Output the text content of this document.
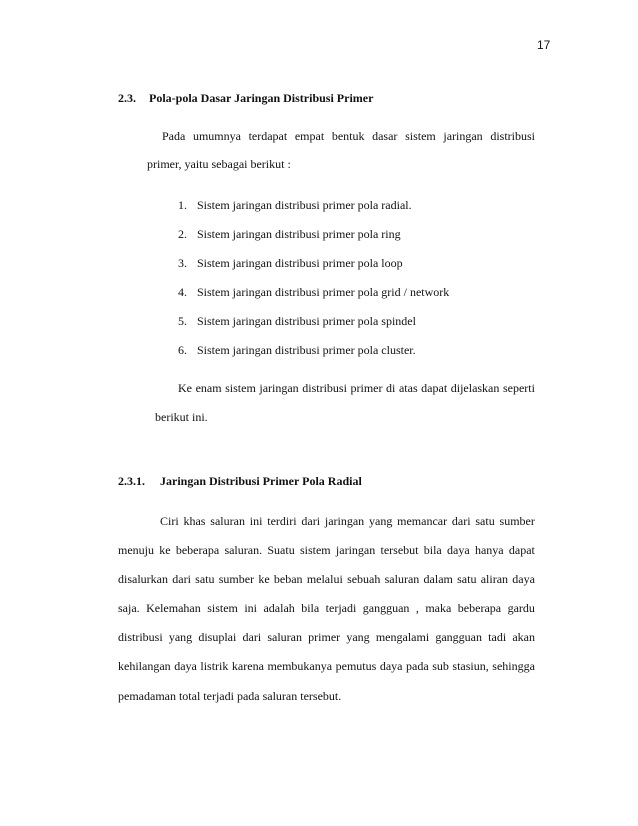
17
2.3. Pola-pola Dasar Jaringan Distribusi Primer
Pada umumnya terdapat empat bentuk dasar sistem jaringan distribusi
primer, yaitu sebagai berikut :
1. Sistem jaringan distribusi primer pola radial.
2. Sistem jaringan distribusi primer pola ring
3. Sistem jaringan distribusi primer pola loop
4. Sistem jaringan distribusi primer pola grid / network
5. Sistem jaringan distribusi primer pola spindel
6. Sistem jaringan distribusi primer pola cluster.
Ke enam sistem jaringan distribusi primer di atas dapat dijelaskan seperti
berikut ini.
2.3.1. Jaringan Distribusi Primer Pola Radial
Ciri khas saluran ini terdiri dari jaringan yang memancar dari satu sumber
menuju ke beberapa saluran. Suatu sistem jaringan tersebut bila daya hanya dapat
disalurkan dari satu sumber ke beban melalui sebuah saluran dalam satu aliran daya
saja. Kelemahan sistem ini adalah bila terjadi gangguan , maka beberapa gardu
distribusi yang disuplai dari saluran primer yang mengalami gangguan tadi akan
kehilangan daya listrik karena membukanya pemutus daya pada sub stasiun, sehingga
pemadaman total terjadi pada saluran tersebut.
